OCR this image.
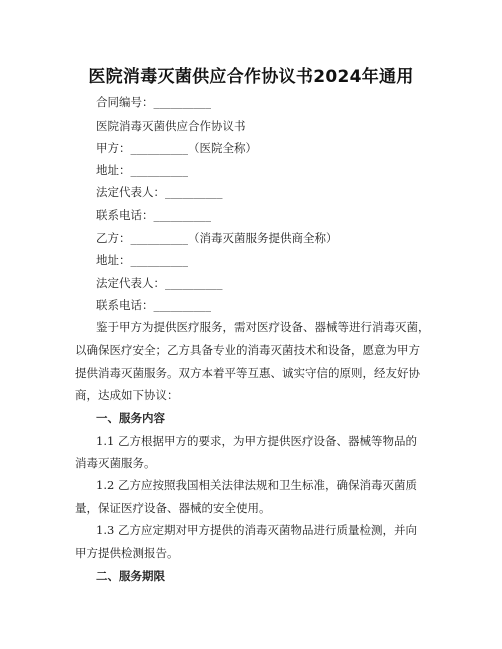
医院消毒灭菌供应合作协议书2024年通用
合同编号：__________
医院消毒灭菌供应合作协议书
甲方：__________（医院全称）
地址：__________
法定代表人：__________
联系电话：__________
乙方：__________（消毒灭菌服务提供商全称）
地址：__________
法定代表人：__________
联系电话：__________
鉴于甲方为提供医疗服务，需对医疗设备、器械等进行消毒灭菌，
以确保医疗安全；乙方具备专业的消毒灭菌技术和设备，愿意为甲方
提供消毒灭菌服务。双方本着平等互惠、诚实守信的原则，经友好协
商，达成如下协议：
一、服务内容
1.1 乙方根据甲方的要求，为甲方提供医疗设备、器械等物品的
消毒灭菌服务。
1.2 乙方应按照我国相关法律法规和卫生标准，确保消毒灭菌质
量，保证医疗设备、器械的安全使用。
1.3 乙方应定期对甲方提供的消毒灭菌物品进行质量检测，并向
甲方提供检测报告。
二、服务期限
